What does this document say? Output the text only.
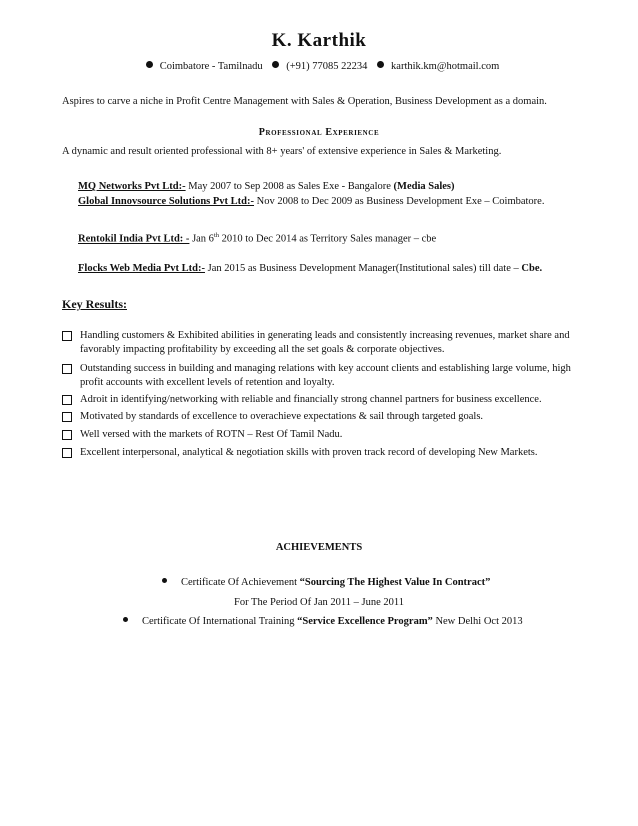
K. Karthik
Coimbatore - Tamilnadu (+91) 77085 22234 karthik.km@hotmail.com
Aspires to carve a niche in Profit Centre Management with Sales & Operation, Business Development as a domain.
Professional Experience
A dynamic and result oriented professional with 8+ years' of extensive experience in Sales & Marketing.
MQ Networks Pvt Ltd:- May 2007 to Sep 2008 as Sales Exe - Bangalore (Media Sales)
Global Innovsource Solutions Pvt Ltd:- Nov 2008 to Dec 2009 as Business Development Exe – Coimbatore.
Rentokil India Pvt Ltd: - Jan 6th 2010 to Dec 2014 as Territory Sales manager – cbe
Flocks Web Media Pvt Ltd:- Jan 2015 as Business Development Manager(Institutional sales) till date – Cbe.
Key Results:
Handling customers & Exhibited abilities in generating leads and consistently increasing revenues, market share and favorably impacting profitability by exceeding all the set goals & corporate objectives.
Outstanding success in building and managing relations with key account clients and establishing large volume, high profit accounts with excellent levels of retention and loyalty.
Adroit in identifying/networking with reliable and financially strong channel partners for business excellence.
Motivated by standards of excellence to overachieve expectations & sail through targeted goals.
Well versed with the markets of ROTN – Rest Of Tamil Nadu.
Excellent interpersonal, analytical & negotiation skills with proven track record of developing New Markets.
ACHIEVEMENTS
Certificate Of Achievement “Sourcing The Highest Value In Contract”
For The Period Of Jan 2011 – June 2011
Certificate Of International Training “Service Excellence Program” New Delhi Oct 2013
